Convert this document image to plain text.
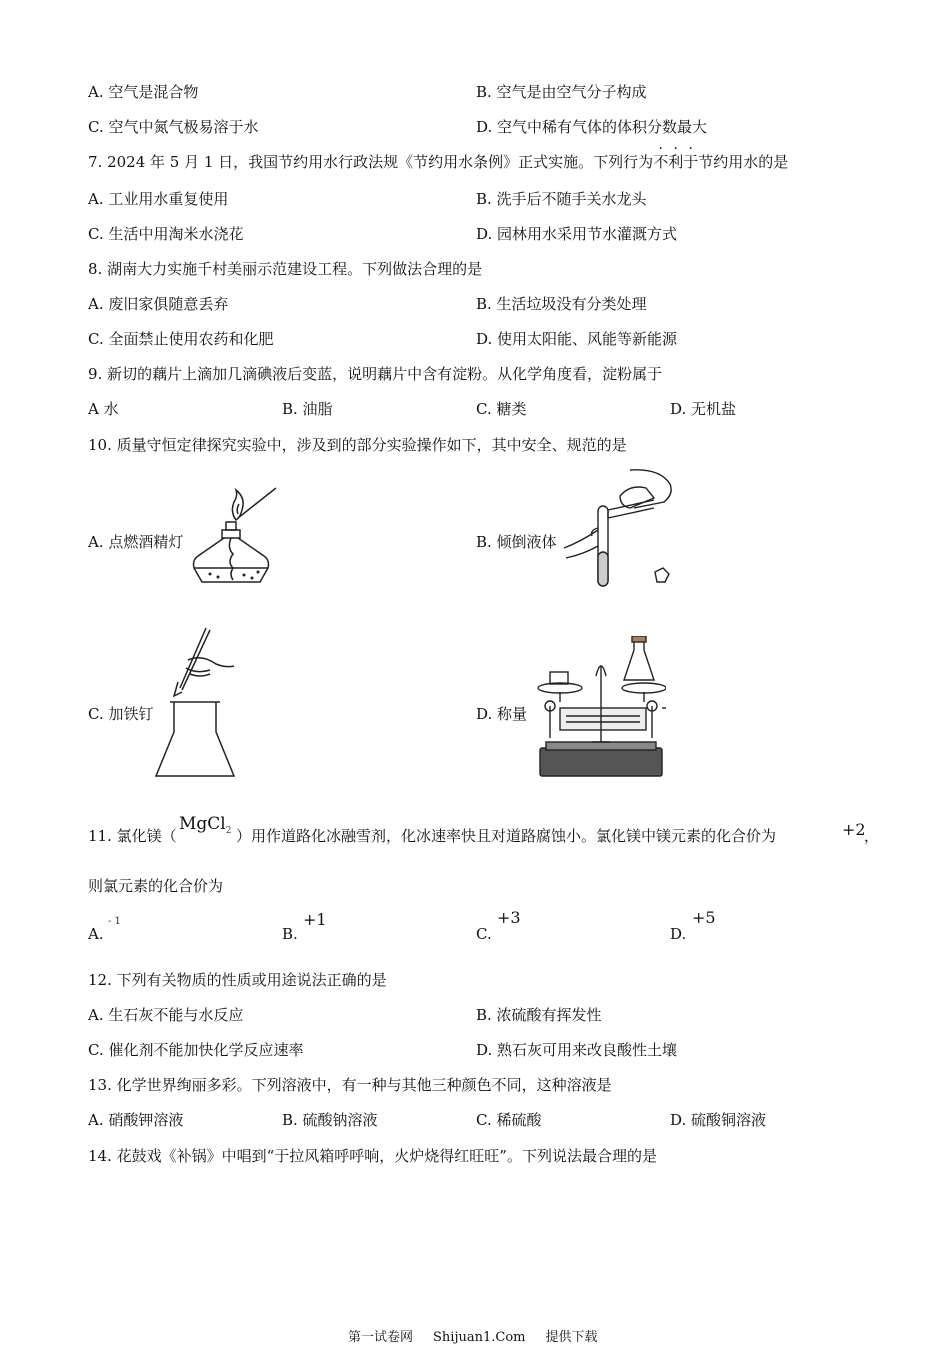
A. 空气是混合物	B. 空气是由空气分子构成
C. 空气中氮气极易溶于水	D. 空气中稀有气体的体积分数最大
7. 2024 年 5 月 1 日，我国节约用水行政法规《节约用水条例》正式实施。下列行为不利于节约用水的是
A. 工业用水重复使用	B. 洗手后不随手关水龙头
C. 生活中用淘米水浇花	D. 园林用水采用节水灌溉方式
8. 湖南大力实施千村美丽示范建设工程。下列做法合理的是
A. 废旧家俱随意丢弃	B. 生活垃圾没有分类处理
C. 全面禁止使用农药和化肥	D. 使用太阳能、风能等新能源
9. 新切的藕片上滴加几滴碘液后变蓝，说明藕片中含有淀粉。从化学角度看，淀粉属于
A 水	B. 油脂	C. 糖类	D. 无机盐
10. 质量守恒定律探究实验中，涉及到的部分实验操作如下，其中安全、规范的是
A. 点燃酒精灯	B. 倾倒液体
C. 加铁钉	D. 称量
11. 氯化镁（
MgCl$_2$ ）用作道路化冰融雪剂，化冰速率快且对道路腐蚀小。氯化镁中镁元素的化合价为	+2
，
则氯元素的化合价为
A.
- 1
B.
+1
C.
+3
D.
+5
12. 下列有关物质的性质或用途说法正确的是
A. 生石灰不能与水反应	B. 浓硫酸有挥发性
C. 催化剂不能加快化学反应速率	D. 熟石灰可用来改良酸性土壤
13. 化学世界绚丽多彩。下列溶液中，有一种与其他三种颜色不同，这种溶液是
A. 硝酸钾溶液	B. 硫酸钠溶液	C. 稀硫酸	D. 硫酸铜溶液
14. 花鼓戏《补锅》中唱到“于拉风箱呼呼响，火炉烧得红旺旺”。下列说法最合理的是
第一试卷网 Shijuan1.Com 提供下载
